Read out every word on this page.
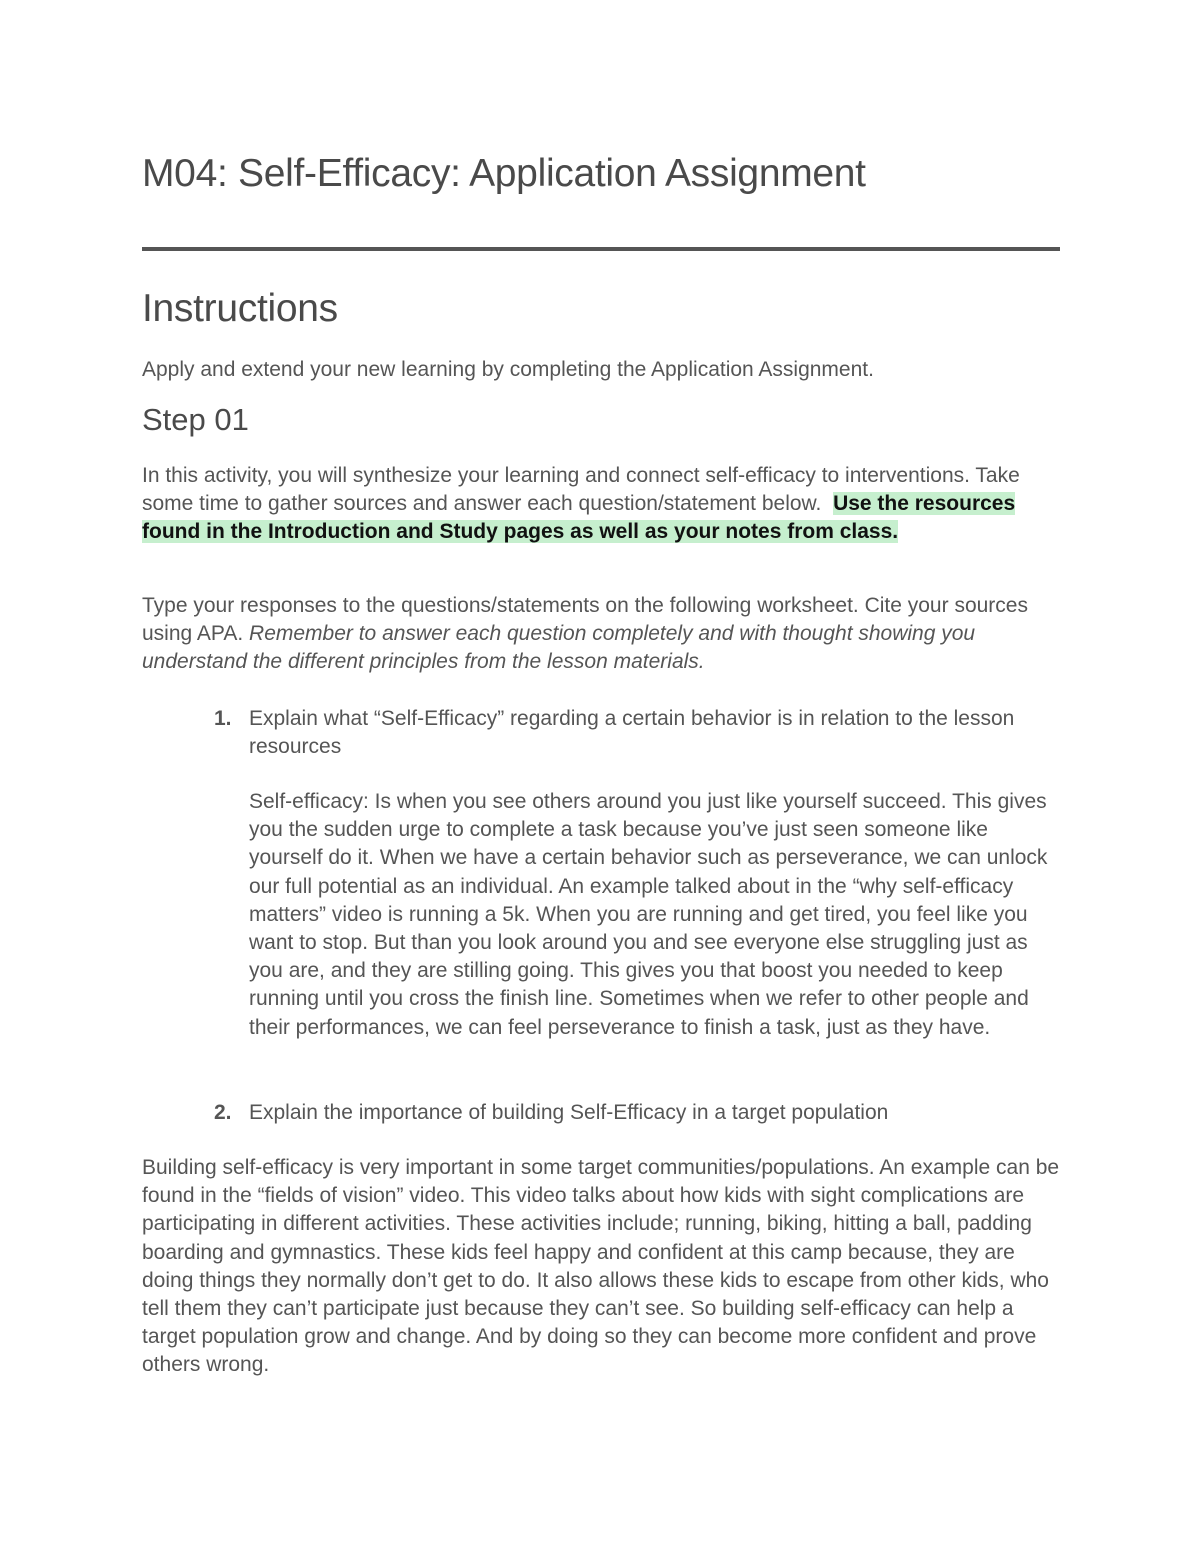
M04: Self-Efficacy: Application Assignment
Instructions

Apply and extend your new learning by completing the Application Assignment.

Step 01

In this activity, you will synthesize your learning and connect self-efficacy to interventions. Take some time to gather sources and answer each question/statement below. Use the resources found in the Introduction and Study pages as well as your notes from class.

Type your responses to the questions/statements on the following worksheet. Cite your sources using APA. Remember to answer each question completely and with thought showing you understand the different principles from the lesson materials.

1. Explain what “Self-Efficacy” regarding a certain behavior is in relation to the lesson resources

Self-efficacy: Is when you see others around you just like yourself succeed. This gives you the sudden urge to complete a task because you’ve just seen someone like yourself do it. When we have a certain behavior such as perseverance, we can unlock our full potential as an individual. An example talked about in the “why self-efficacy matters” video is running a 5k. When you are running and get tired, you feel like you want to stop. But than you look around you and see everyone else struggling just as you are, and they are stilling going. This gives you that boost you needed to keep running until you cross the finish line. Sometimes when we refer to other people and their performances, we can feel perseverance to finish a task, just as they have.

2. Explain the importance of building Self-Efficacy in a target population

Building self-efficacy is very important in some target communities/populations. An example can be found in the “fields of vision” video. This video talks about how kids with sight complications are participating in different activities. These activities include; running, biking, hitting a ball, padding boarding and gymnastics. These kids feel happy and confident at this camp because, they are doing things they normally don’t get to do. It also allows these kids to escape from other kids, who tell them they can’t participate just because they can’t see. So building self-efficacy can help a target population grow and change. And by doing so they can become more confident and prove others wrong.
